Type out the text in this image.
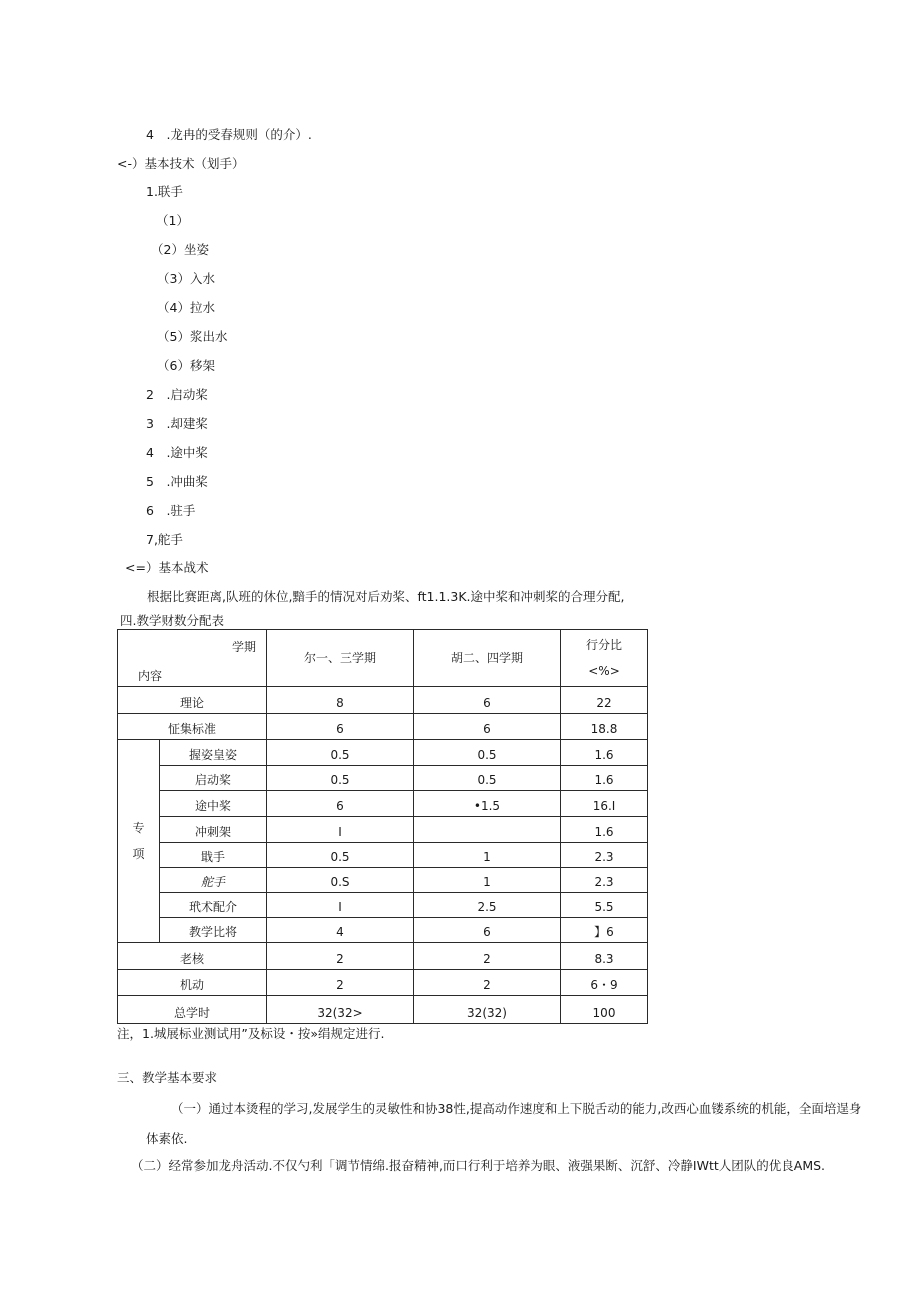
4　.龙冉的受春规则（的介）.
<-）基本技术（划手）
1.联手
（1）
（2）坐姿
（3）入水
（4）拉水
（5）浆出水
（6）移架
2　.启动桨
3　.却建桨
4　.途中桨
5　.冲曲桨
6　.驻手
7,舵手
<=）基本战术
根据比赛距离,队班的休位,黯手的情况对后劝桨、ft1.1.3K.途中桨和冲刺桨的合理分配,
四.教学财数分配表
学期
内容		尔一、三学期	胡二、四学期	行分比
<%>

理论		8	6	22
怔集标准		6	6	18.8

专
项	握姿皇姿	0.5	0.5	1.6
	启动桨	0.5	0.5	1.6
	途中桨	6	•1.5	16.I
	冲刺架	I		1.6
	戢手	0.5	1	2.3
	舵手	0.S	1	2.3
	玳术配介	I	2.5	5.5
	教学比将	4	6	】6
老核		2	2	8.3
机动		2	2	6・9
总学时		32(32>	32(32)	100
注，1.城展标业测试用”及标设・按»绢规定进行.
三、教学基本要求
（一）通过本烫程的学习,发展学生的灵敏性和协38性,提高动作速度和上下脱舌动的能力,改西心血镂系统的机能，全面培逞身
体素依.
（二）经常参加龙舟活动.不仅勺利「调节情绵.报奋精神,而口行利于培养为眼、液强果断、沉舒、冷静IWtt人团队的优良AMS.
